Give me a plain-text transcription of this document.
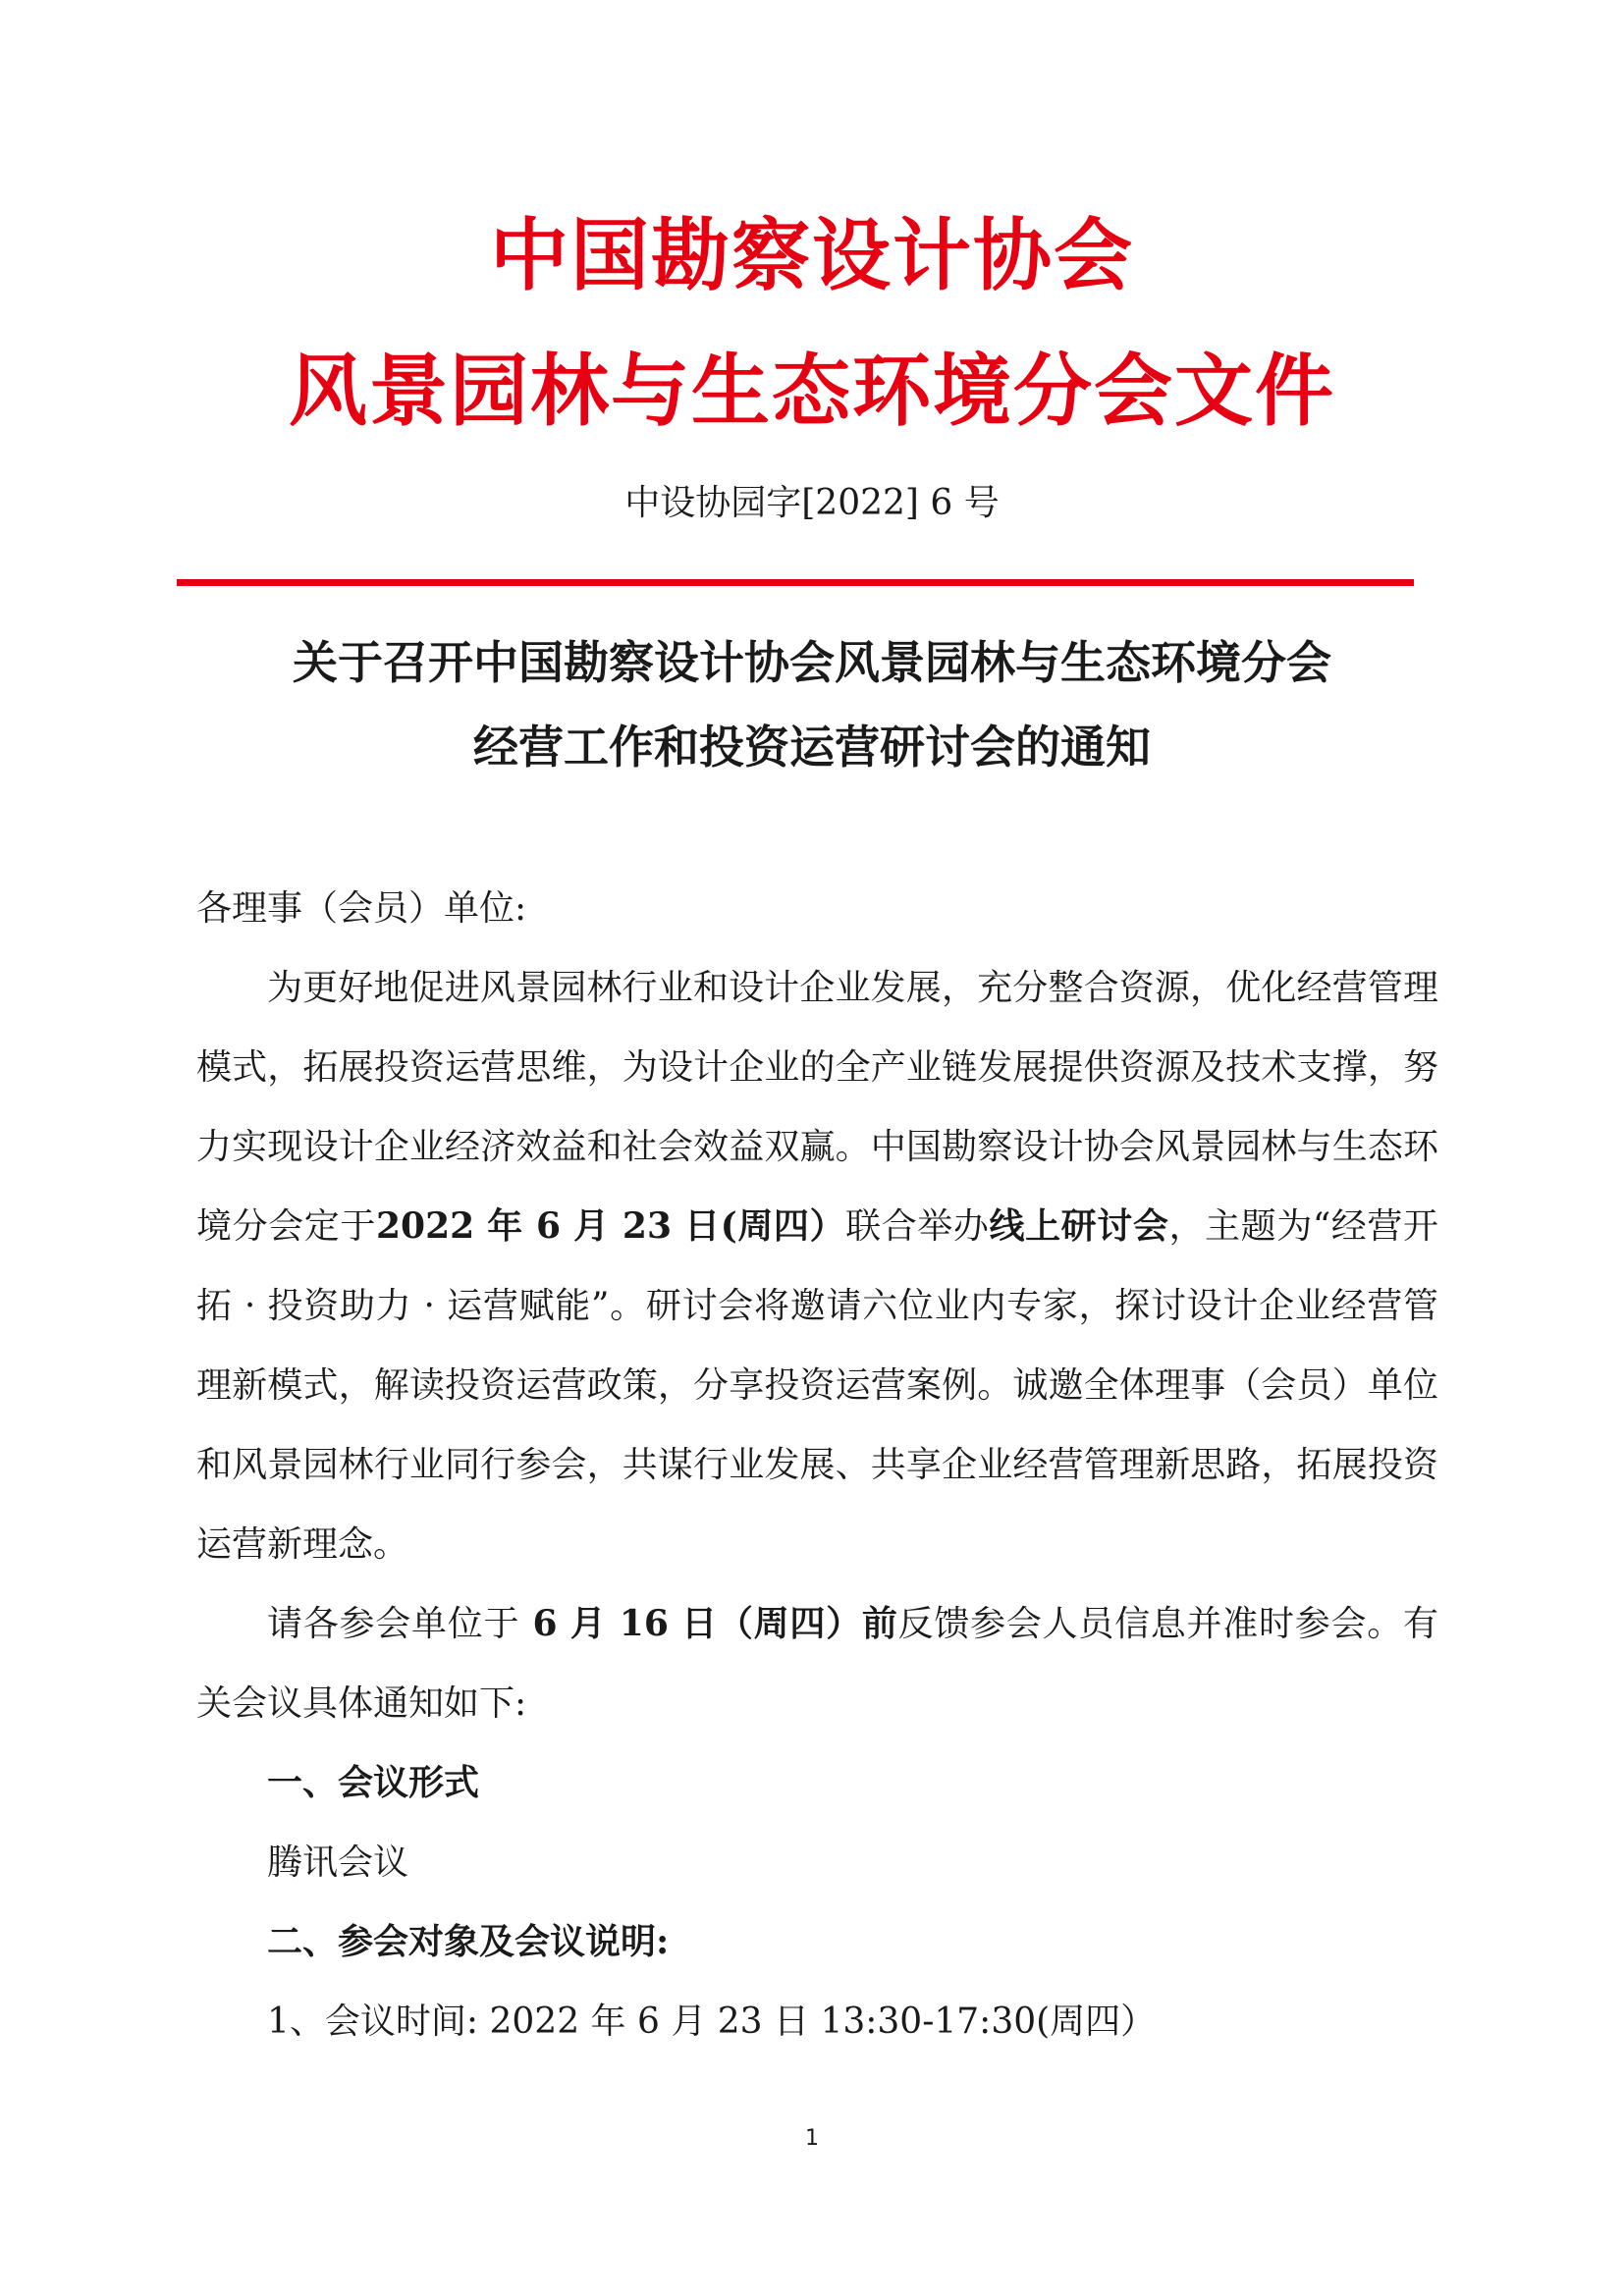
中国勘察设计协会
风景园林与生态环境分会文件
中设协园字[2022] 6 号
关于召开中国勘察设计协会风景园林与生态环境分会
经营工作和投资运营研讨会的通知

各理事（会员）单位:

为更好地促进风景园林行业和设计企业发展，充分整合资源，优化经营管理模式，拓展投资运营思维，为设计企业的全产业链发展提供资源及技术支撑，努力实现设计企业经济效益和社会效益双赢。中国勘察设计协会风景园林与生态环境分会定于2022 年 6 月 23 日(周四）联合举办线上研讨会，主题为“经营开拓 · 投资助力 · 运营赋能”。研讨会将邀请六位业内专家，探讨设计企业经营管理新模式，解读投资运营政策，分享投资运营案例。诚邀全体理事（会员）单位和风景园林行业同行参会，共谋行业发展、共享企业经营管理新思路，拓展投资运营新理念。

请各参会单位于 6 月 16 日（周四）前反馈参会人员信息并准时参会。有关会议具体通知如下:

一、会议形式

腾讯会议

二、参会对象及会议说明:

1、会议时间: 2022 年 6 月 23 日 13:30-17:30(周四）

1
